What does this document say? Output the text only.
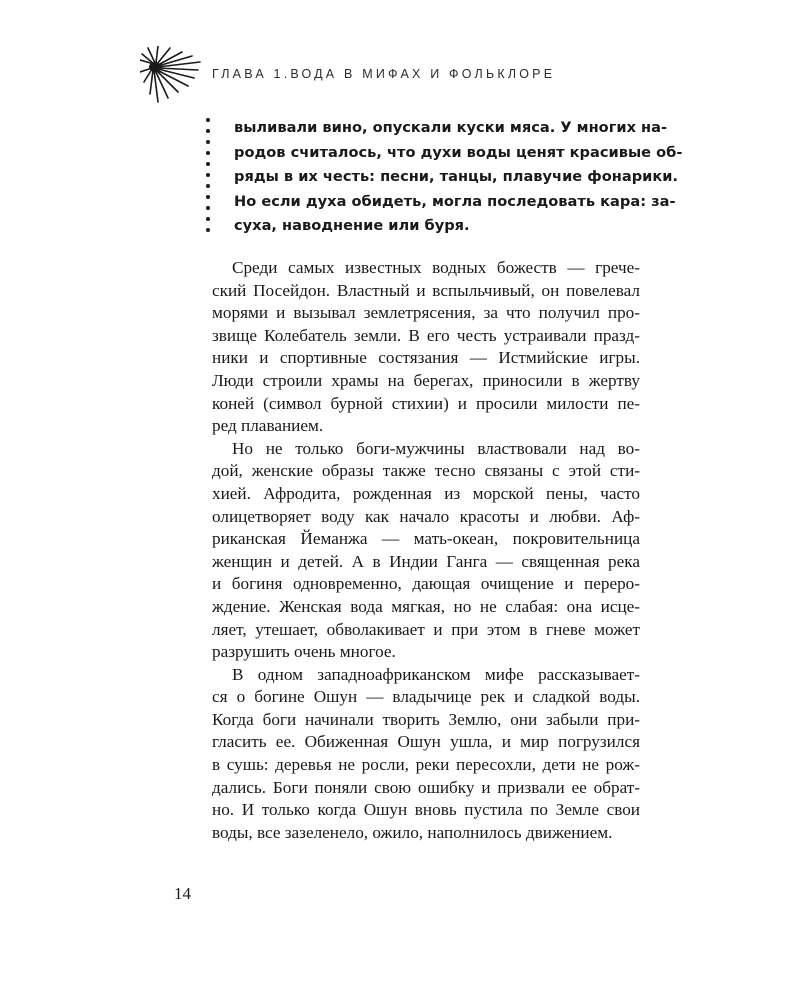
ГЛАВА 1.ВОДА В МИФАХ И ФОЛЬКЛОРЕ
выливали вино, опускали куски мяса. У многих на-
родов считалось, что духи воды ценят красивые об-
ряды в их честь: песни, танцы, плавучие фонарики.
Но если духа обидеть, могла последовать кара: за-
суха, наводнение или буря.
Среди самых известных водных божеств — грече-
ский Посейдон. Властный и вспыльчивый, он повелевал
морями и вызывал землетрясения, за что получил про-
звище Колебатель земли. В его честь устраивали празд-
ники и спортивные состязания — Истмийские игры.
Люди строили храмы на берегах, приносили в жертву
коней (символ бурной стихии) и просили милости пе-
ред плаванием.
Но не только боги-мужчины властвовали над во-
дой, женские образы также тесно связаны с этой сти-
хией. Афродита, рожденная из морской пены, часто
олицетворяет воду как начало красоты и любви. Аф-
риканская Йеманжа — мать-океан, покровительница
женщин и детей. А в Индии Ганга — священная река
и богиня одновременно, дающая очищение и переро-
ждение. Женская вода мягкая, но не слабая: она исце-
ляет, утешает, обволакивает и при этом в гневе может
разрушить очень многое.
В одном западноафриканском мифе рассказывает-
ся о богине Ошун — владычице рек и сладкой воды.
Когда боги начинали творить Землю, они забыли при-
гласить ее. Обиженная Ошун ушла, и мир погрузился
в сушь: деревья не росли, реки пересохли, дети не рож-
дались. Боги поняли свою ошибку и призвали ее обрат-
но. И только когда Ошун вновь пустила по Земле свои
воды, все зазеленело, ожило, наполнилось движением.
14
